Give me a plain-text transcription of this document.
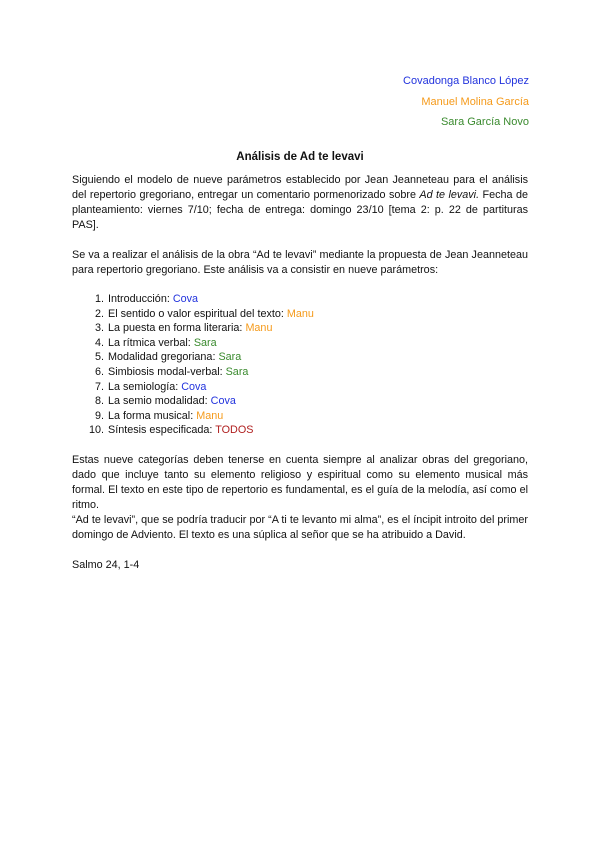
Covadonga Blanco López
Manuel Molina García
Sara García Novo
Análisis de Ad te levavi

Siguiendo el modelo de nueve parámetros establecido por Jean Jeanneteau para el análisis del repertorio gregoriano, entregar un comentario pormenorizado sobre Ad te levavi. Fecha de planteamiento: viernes 7/10; fecha de entrega: domingo 23/10 [tema 2: p. 22 de partituras PAS].

Se va a realizar el análisis de la obra “Ad te levavi” mediante la propuesta de Jean Jeanneteau para repertorio gregoriano. Este análisis va a consistir en nueve parámetros:

1. Introducción: Cova
2. El sentido o valor espiritual del texto: Manu
3. La puesta en forma literaria: Manu
4. La rítmica verbal: Sara
5. Modalidad gregoriana: Sara
6. Simbiosis modal-verbal: Sara
7. La semiología: Cova
8. La semio modalidad: Cova
9. La forma musical: Manu
10. Síntesis especificada: TODOS

Estas nueve categorías deben tenerse en cuenta siempre al analizar obras del gregoriano, dado que incluye tanto su elemento religioso y espiritual como su elemento musical más formal. El texto en este tipo de repertorio es fundamental, es el guía de la melodía, así como el ritmo.

“Ad te levavi”, que se podría traducir por “A ti te levanto mi alma”, es el íncipit introito del primer domingo de Adviento. El texto es una súplica al señor que se ha atribuido a David.

Salmo 24, 1-4
